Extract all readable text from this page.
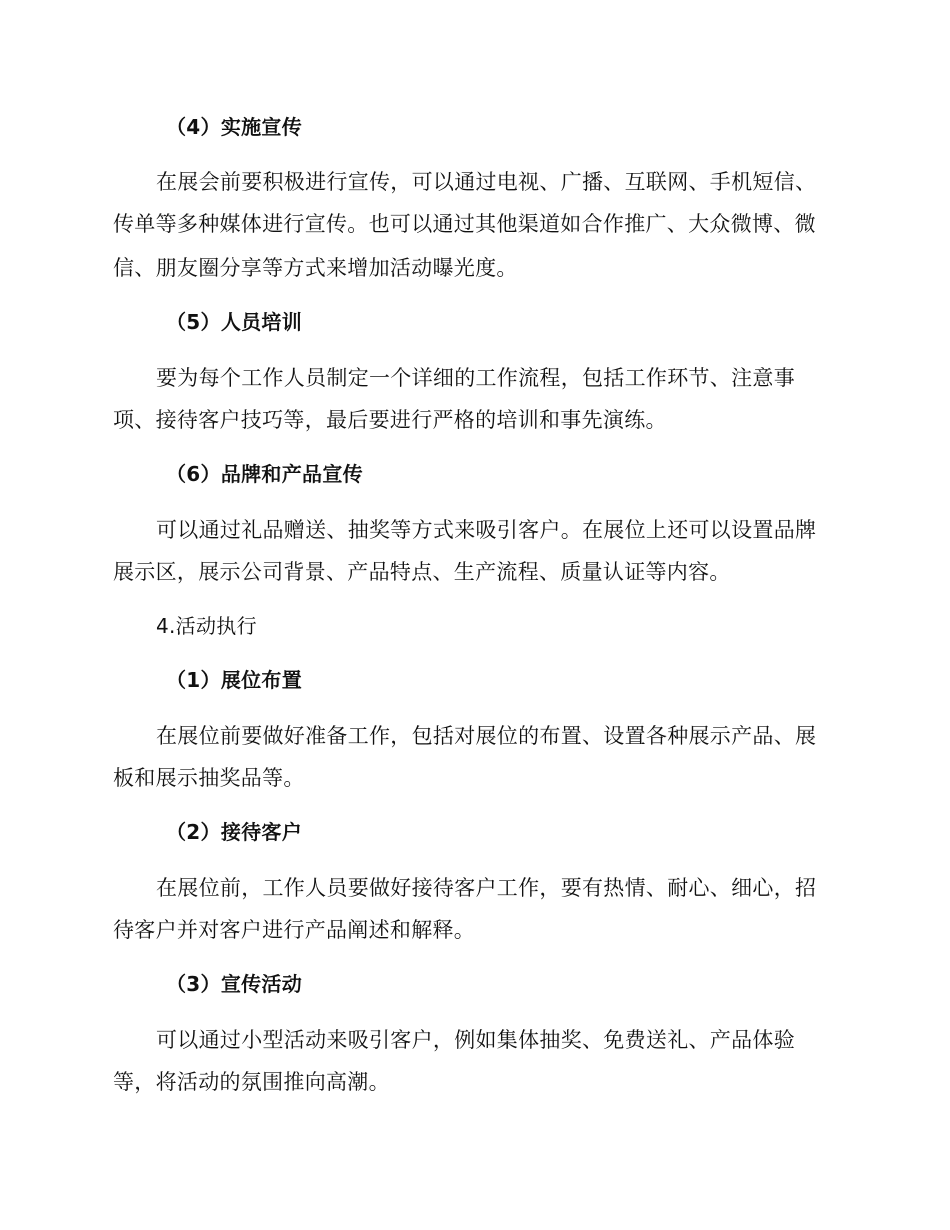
（4）实施宣传
在展会前要积极进行宣传，可以通过电视、广播、互联网、手机短信、
传单等多种媒体进行宣传。也可以通过其他渠道如合作推广、大众微博、微
信、朋友圈分享等方式来增加活动曝光度。
（5）人员培训
要为每个工作人员制定一个详细的工作流程，包括工作环节、注意事
项、接待客户技巧等，最后要进行严格的培训和事先演练。
（6）品牌和产品宣传
可以通过礼品赠送、抽奖等方式来吸引客户。在展位上还可以设置品牌
展示区，展示公司背景、产品特点、生产流程、质量认证等内容。
4.活动执行
（1）展位布置
在展位前要做好准备工作，包括对展位的布置、设置各种展示产品、展
板和展示抽奖品等。
（2）接待客户
在展位前，工作人员要做好接待客户工作，要有热情、耐心、细心，招
待客户并对客户进行产品阐述和解释。
（3）宣传活动
可以通过小型活动来吸引客户，例如集体抽奖、免费送礼、产品体验
等，将活动的氛围推向高潮。
